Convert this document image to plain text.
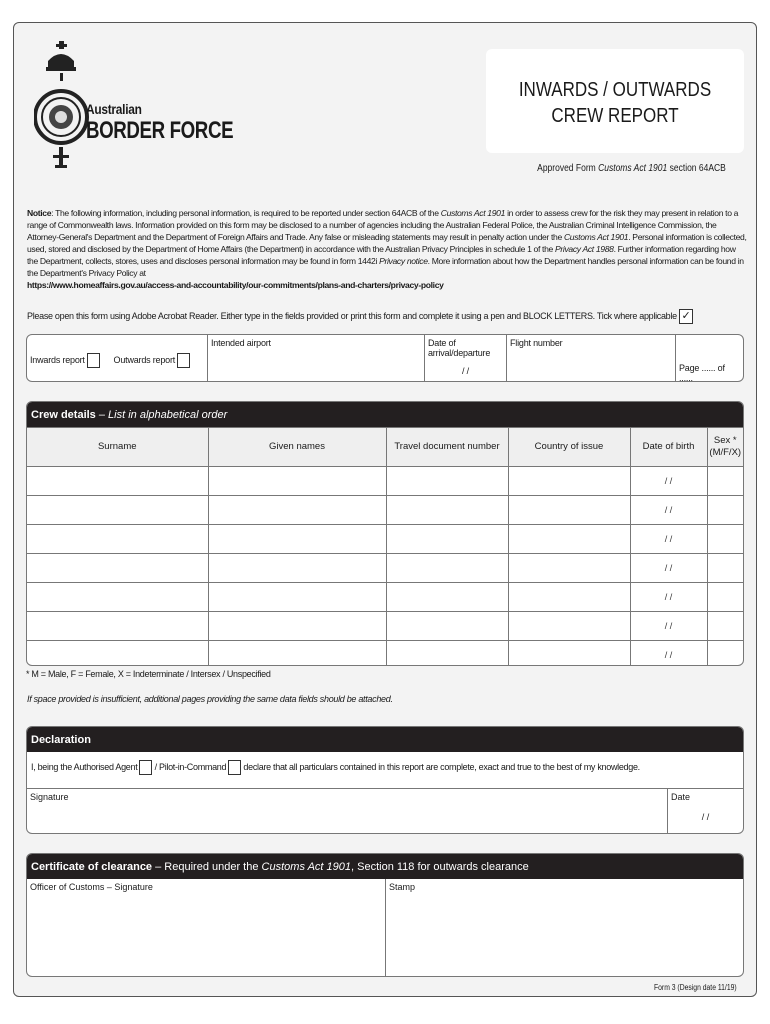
Australian
BORDER FORCE
INWARDS / OUTWARDS
CREW REPORT
Approved Form Customs Act 1901 section 64ACB
Notice: The following information, including personal information, is required to be reported under section 64ACB of the Customs Act 1901 in order to assess crew for the risk they may present in relation to a range of Commonwealth laws. Information provided on this form may be disclosed to a number of agencies including the Australian Federal Police, the Australian Criminal Intelligence Commission, the Attorney-General's Department and the Department of Foreign Affairs and Trade. Any false or misleading statements may result in penalty action under the Customs Act 1901. Personal information is collected, used, stored and disclosed by the Department of Home Affairs (the Department) in accordance with the Australian Privacy Principles in schedule 1 of the Privacy Act 1988. Further information regarding how the Department, collects, stores, uses and discloses personal information may be found in form 1442i Privacy notice. More information about how the Department handles personal information can be found in the Department's Privacy Policy at
https://www.homeaffairs.gov.au/access-and-accountability/our-commitments/plans-and-charters/privacy-policy
Please open this form using Adobe Acrobat Reader. Either type in the fields provided or print this form and complete it using a pen and BLOCK LETTERS. Tick where applicable ✓
Inwards report	Outwards report
Intended airport	Date of arrival/departure
/ /
Flight number
Page ...... of ......
Crew details – List in alphabetical order
Surname	Given names	Travel document number	Country of issue	Date of birth	Sex *
(M/F/X)
				/ /	
				/ /	
				/ /	
				/ /	
				/ /	
				/ /	
				/ /	
* M = Male, F = Female, X = Indeterminate / Intersex / Unspecified
If space provided is insufficient, additional pages providing the same data fields should be attached.
Declaration
I, being the Authorised Agent / Pilot-in-Command declare that all particulars contained in this report are complete, exact and true to the best of my knowledge.
Signature	Date
/ /
Certificate of clearance – Required under the Customs Act 1901, Section 118 for outwards clearance
Officer of Customs – Signature	Stamp
Form 3 (Design date 11/19)
